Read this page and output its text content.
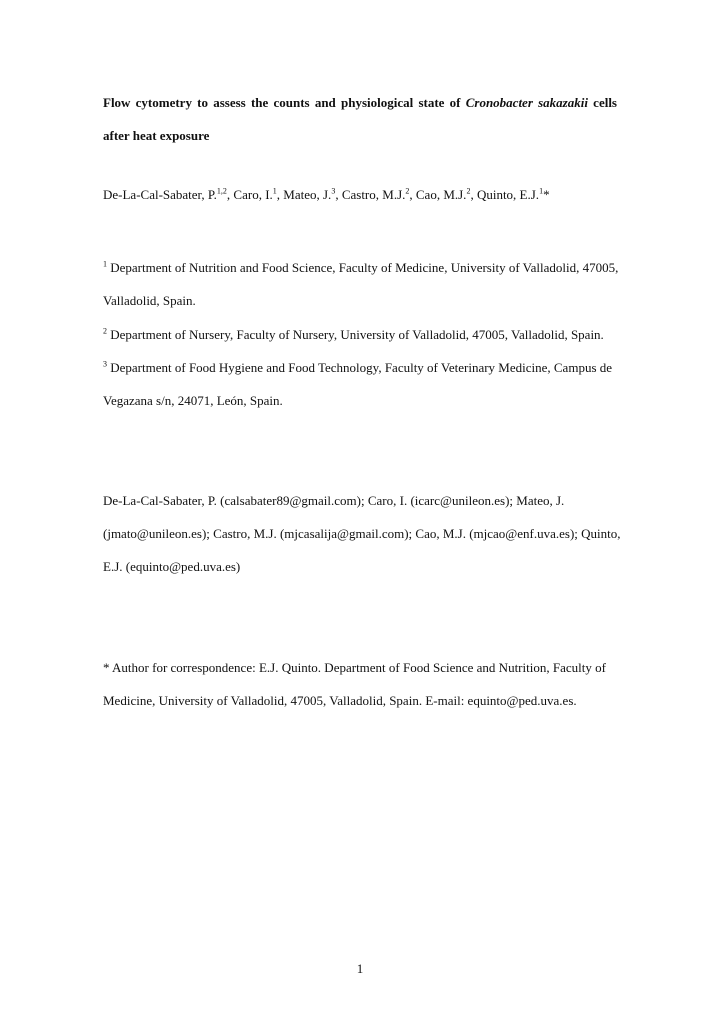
Flow cytometry to assess the counts and physiological state of Cronobacter sakazakii cells after heat exposure

De-La-Cal-Sabater, P.$^{1,2}$, Caro, I.$^1$, Mateo, J.$^3$, Castro, M.J.$^2$, Cao, M.J.$^2$, Quinto, E.J.$^1$*

$^1$ Department of Nutrition and Food Science, Faculty of Medicine, University of Valladolid, 47005, Valladolid, Spain.

$^2$ Department of Nursery, Faculty of Nursery, University of Valladolid, 47005, Valladolid, Spain.

$^3$ Department of Food Hygiene and Food Technology, Faculty of Veterinary Medicine, Campus de Vegazana s/n, 24071, León, Spain.

De-La-Cal-Sabater, P. (calsabater89@gmail.com); Caro, I. (icarc@unileon.es); Mateo, J. (jmato@unileon.es); Castro, M.J. (mjcasalija@gmail.com); Cao, M.J. (mjcao@enf.uva.es); Quinto, E.J. (equinto@ped.uva.es)

* Author for correspondence: E.J. Quinto. Department of Food Science and Nutrition, Faculty of Medicine, University of Valladolid, 47005, Valladolid, Spain. E-mail: equinto@ped.uva.es.

1
